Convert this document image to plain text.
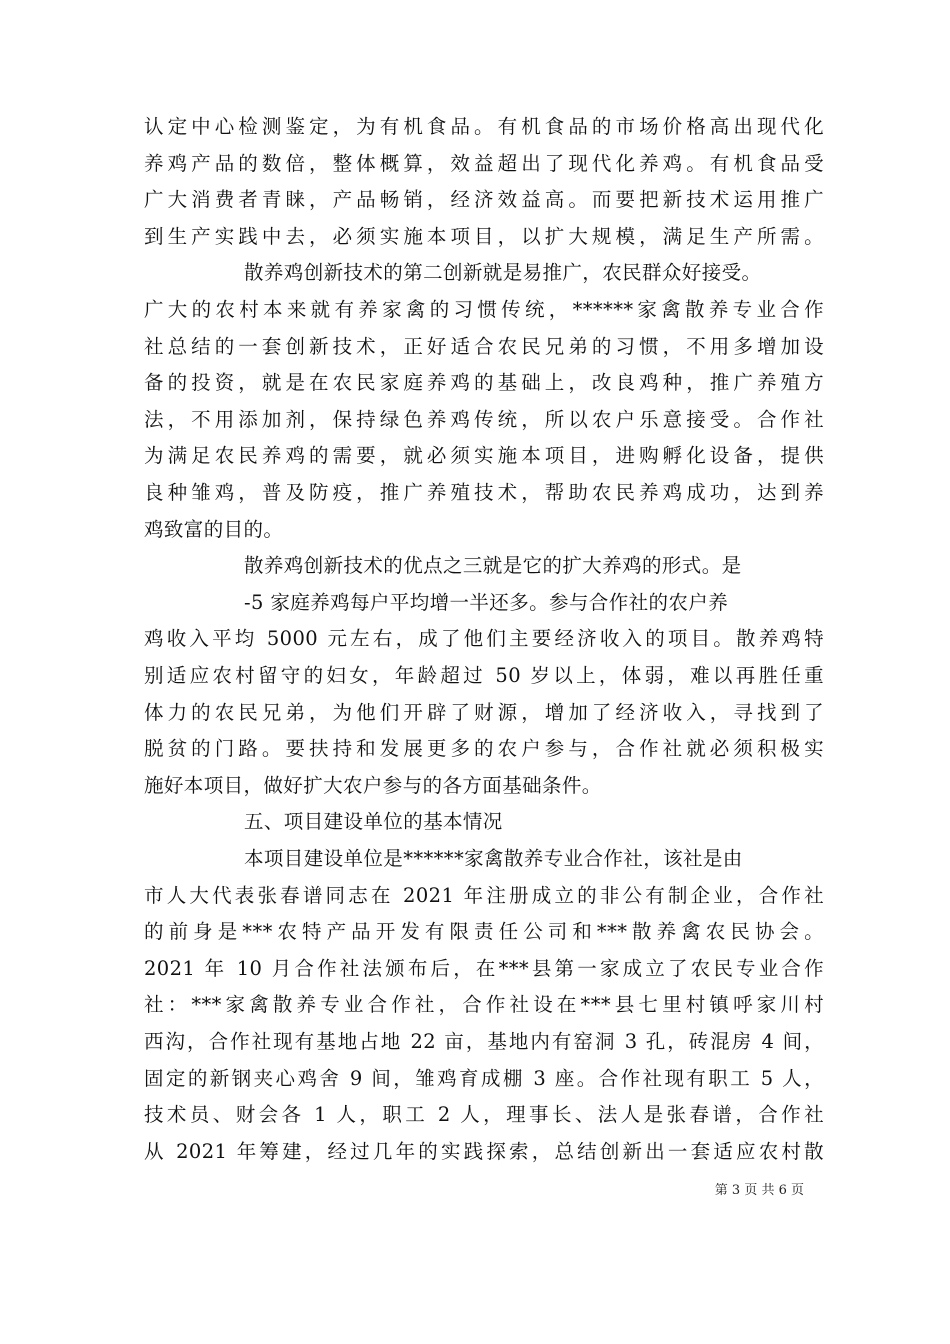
认定中心检测鉴定，为有机食品。有机食品的市场价格高出现代化
养鸡产品的数倍，整体概算，效益超出了现代化养鸡。有机食品受
广大消费者青睐，产品畅销，经济效益高。而要把新技术运用推广
到生产实践中去，必须实施本项目，以扩大规模，满足生产所需。
散养鸡创新技术的第二创新就是易推广，农民群众好接受。
广大的农村本来就有养家禽的习惯传统，******家禽散养专业合作
社总结的一套创新技术，正好适合农民兄弟的习惯，不用多增加设
备的投资，就是在农民家庭养鸡的基础上，改良鸡种，推广养殖方
法，不用添加剂，保持绿色养鸡传统，所以农户乐意接受。合作社
为满足农民养鸡的需要，就必须实施本项目，进购孵化设备，提供
良种雏鸡，普及防疫，推广养殖技术，帮助农民养鸡成功，达到养
鸡致富的目的。
散养鸡创新技术的优点之三就是它的扩大养鸡的形式。是
-5 家庭养鸡每户平均增一半还多。参与合作社的农户养
鸡收入平均 5000 元左右，成了他们主要经济收入的项目。散养鸡特
别适应农村留守的妇女，年龄超过 50 岁以上，体弱，难以再胜任重
体力的农民兄弟，为他们开辟了财源，增加了经济收入，寻找到了
脱贫的门路。要扶持和发展更多的农户参与，合作社就必须积极实
施好本项目，做好扩大农户参与的各方面基础条件。
五、项目建设单位的基本情况
本项目建设单位是******家禽散养专业合作社，该社是由
市人大代表张春谱同志在 2021 年注册成立的非公有制企业，合作社
的前身是***农特产品开发有限责任公司和***散养禽农民协会。
2021 年 10 月合作社法颁布后，在***县第一家成立了农民专业合作
社：***家禽散养专业合作社，合作社设在***县七里村镇呼家川村
西沟，合作社现有基地占地 22 亩，基地内有窑洞 3 孔，砖混房 4 间，
固定的新钢夹心鸡舍 9 间，雏鸡育成棚 3 座。合作社现有职工 5 人，
技术员、财会各 1 人，职工 2 人，理事长、法人是张春谱，合作社
从 2021 年筹建，经过几年的实践探索，总结创新出一套适应农村散
第 3 页 共 6 页
